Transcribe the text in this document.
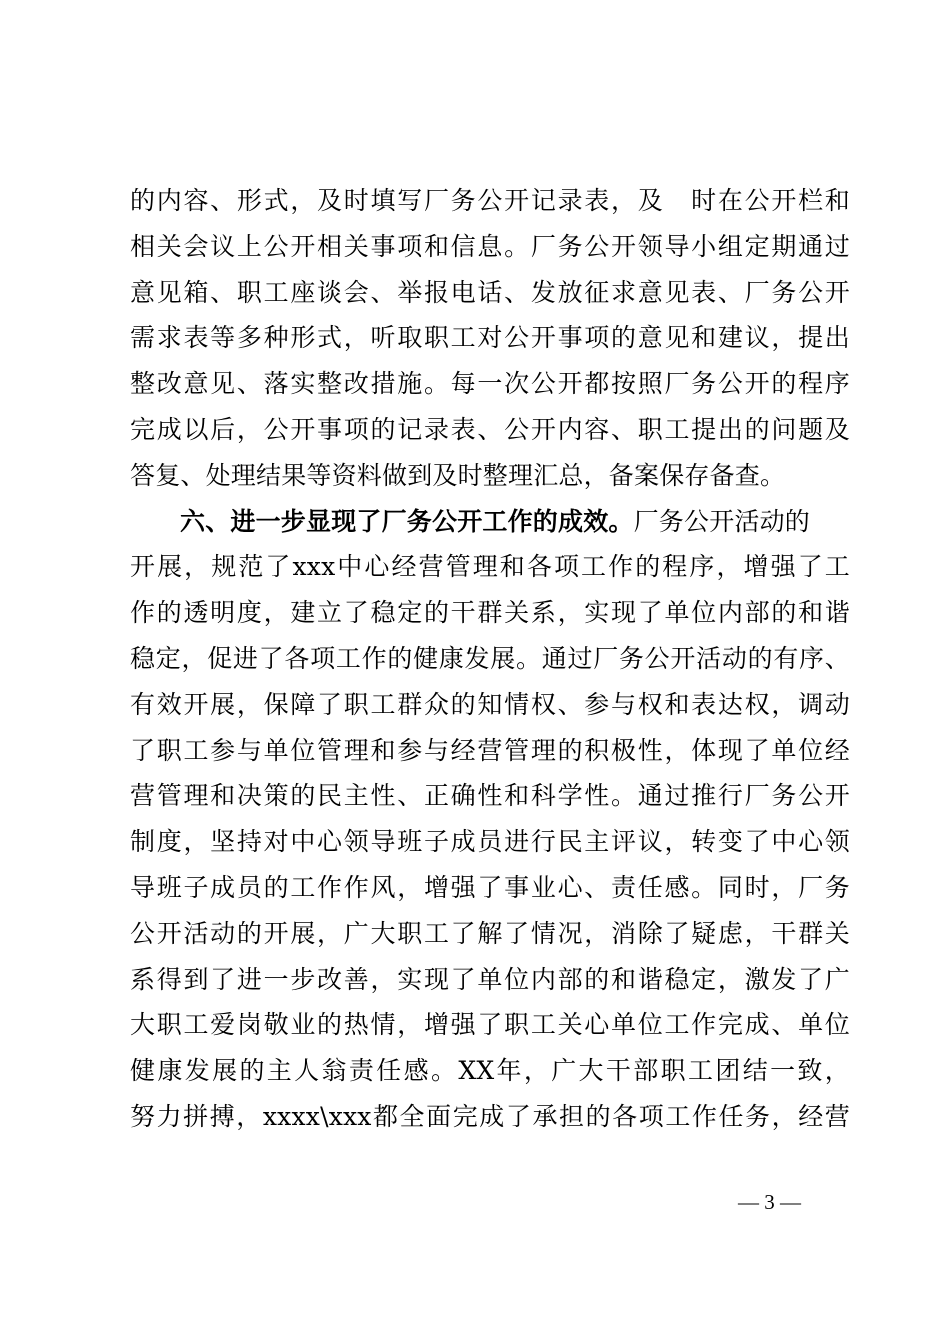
的内容、形式，及时填写厂务公开记录表，及　时在公开栏和
相关会议上公开相关事项和信息。厂务公开领导小组定期通过
意见箱、职工座谈会、举报电话、发放征求意见表、厂务公开
需求表等多种形式，听取职工对公开事项的意见和建议，提出
整改意见、落实整改措施。每一次公开都按照厂务公开的程序
完成以后，公开事项的记录表、公开内容、职工提出的问题及
答复、处理结果等资料做到及时整理汇总，备案保存备查。
六、进一步显现了厂务公开工作的成效。厂务公开活动的
开展，规范了xxx中心经营管理和各项工作的程序，增强了工
作的透明度，建立了稳定的干群关系，实现了单位内部的和谐
稳定，促进了各项工作的健康发展。通过厂务公开活动的有序、
有效开展，保障了职工群众的知情权、参与权和表达权，调动
了职工参与单位管理和参与经营管理的积极性，体现了单位经
营管理和决策的民主性、正确性和科学性。通过推行厂务公开
制度，坚持对中心领导班子成员进行民主评议，转变了中心领
导班子成员的工作作风，增强了事业心、责任感。同时，厂务
公开活动的开展，广大职工了解了情况，消除了疑虑，干群关
系得到了进一步改善，实现了单位内部的和谐稳定，激发了广
大职工爱岗敬业的热情，增强了职工关心单位工作完成、单位
健康发展的主人翁责任感。XX年，广大干部职工团结一致，
努力拼搏，xxxx\xxx都全面完成了承担的各项工作任务，经营
— 3 —
